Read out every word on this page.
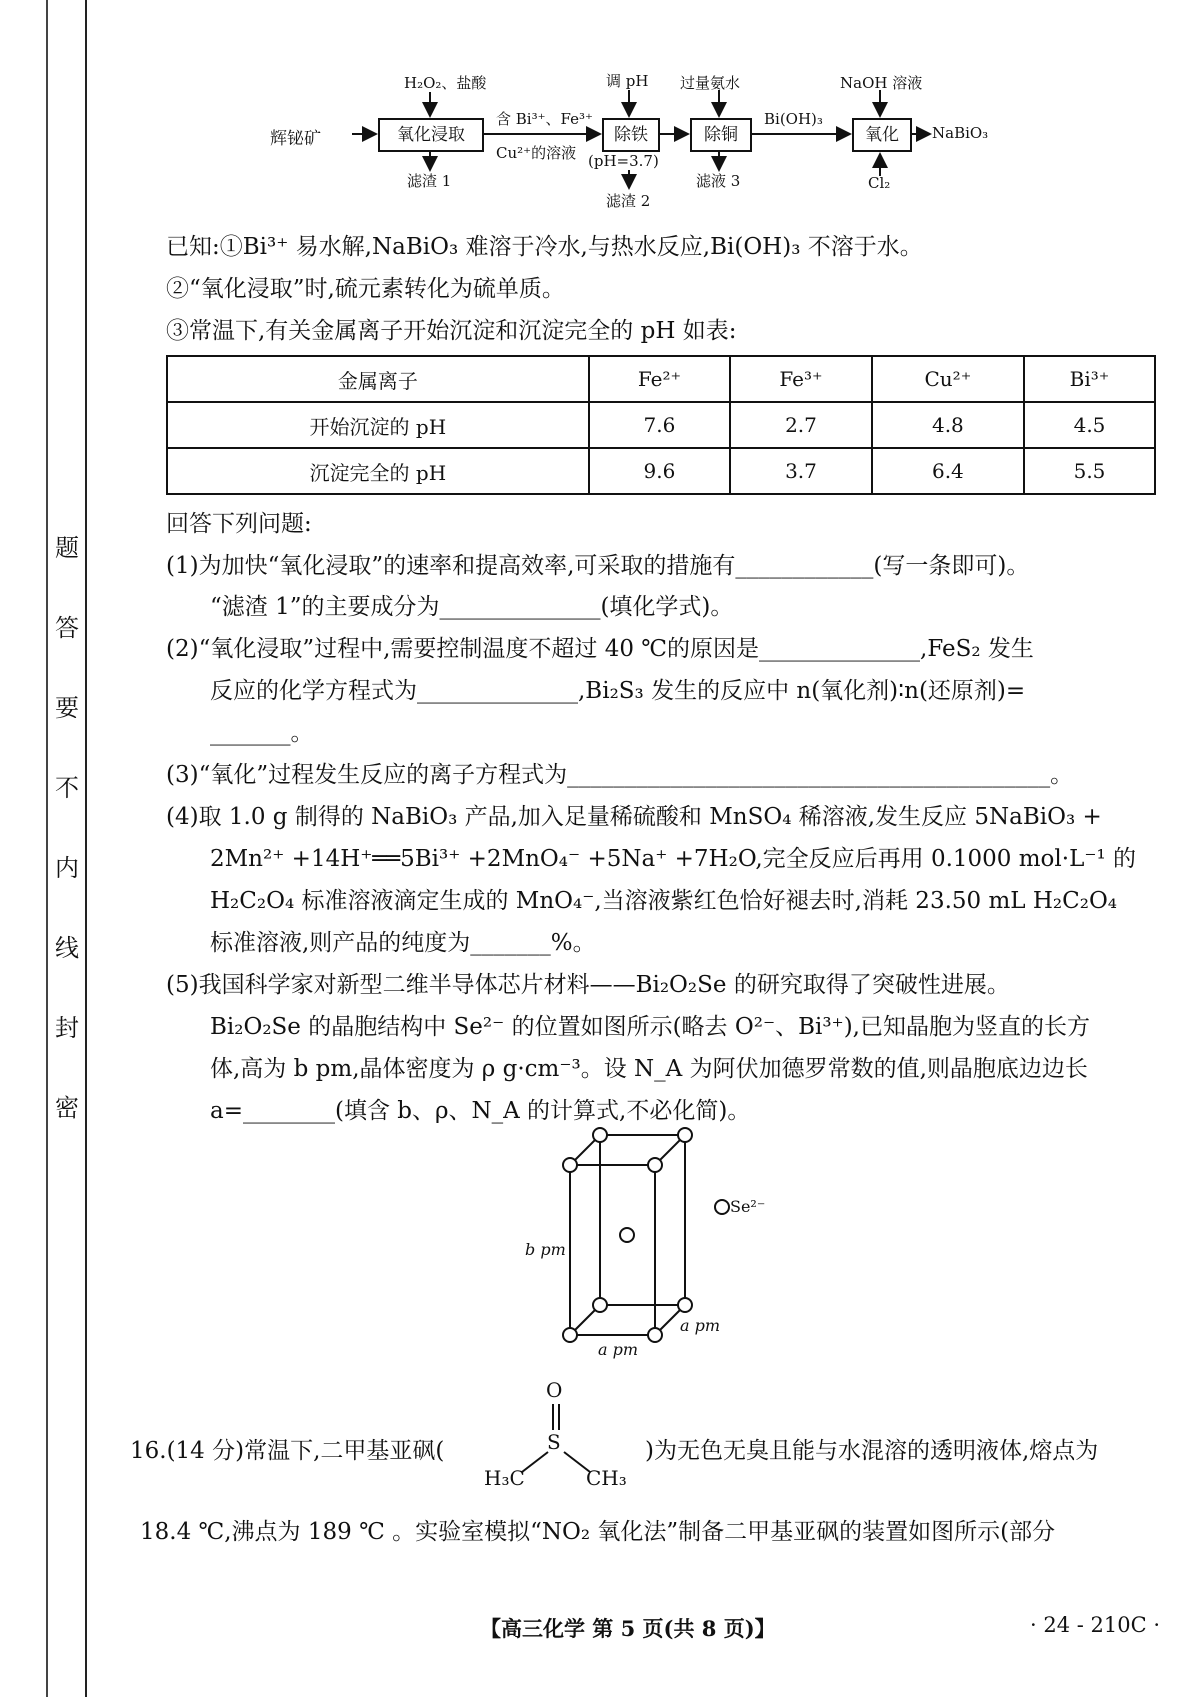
题
答
要
不
内
线
封
密
辉铋矿	氧化浸取
H₂O₂、盐酸
滤渣 1
含 Bi³⁺、Fe³⁺
Cu²⁺的溶液
除铁
调 pH
(pH=3.7)
滤渣 2
除铜
过量氨水
滤液 3
Bi(OH)₃
氧化
NaOH 溶液
Cl₂
NaBiO₃
已知:①Bi³⁺ 易水解,NaBiO₃ 难溶于冷水,与热水反应,Bi(OH)₃ 不溶于水。
②“氧化浸取”时,硫元素转化为硫单质。
③常温下,有关金属离子开始沉淀和沉淀完全的 pH 如表:
金属离子	Fe²⁺	Fe³⁺	Cu²⁺	Bi³⁺
开始沉淀的 pH	7.6	2.7	4.8	4.5
沉淀完全的 pH	9.6	3.7	6.4	5.5
回答下列问题:
(1)为加快“氧化浸取”的速率和提高效率,可采取的措施有____________(写一条即可)。
“滤渣 1”的主要成分为______________(填化学式)。
(2)“氧化浸取”过程中,需要控制温度不超过 40 ℃的原因是______________,FeS₂ 发生
反应的化学方程式为______________,Bi₂S₃ 发生的反应中 n(氧化剂)∶n(还原剂)=
_______。
(3)“氧化”过程发生反应的离子方程式为__________________________________________。
(4)取 1.0 g 制得的 NaBiO₃ 产品,加入足量稀硫酸和 MnSO₄ 稀溶液,发生反应 5NaBiO₃ +
2Mn²⁺ +14H⁺══5Bi³⁺ +2MnO₄⁻ +5Na⁺ +7H₂O,完全反应后再用 0.1000 mol·L⁻¹ 的
H₂C₂O₄ 标准溶液滴定生成的 MnO₄⁻,当溶液紫红色恰好褪去时,消耗 23.50 mL H₂C₂O₄
标准溶液,则产品的纯度为_______%。
(5)我国科学家对新型二维半导体芯片材料——Bi₂O₂Se 的研究取得了突破性进展。
Bi₂O₂Se 的晶胞结构中 Se²⁻ 的位置如图所示(略去 O²⁻、Bi³⁺),已知晶胞为竖直的长方
体,高为 b pm,晶体密度为 ρ g·cm⁻³。设 N_A 为阿伏加德罗常数的值,则晶胞底边边长
a=________(填含 b、ρ、N_A 的计算式,不必化简)。
Se²⁻
b pm
a pm
a pm
16.(14 分)常温下,二甲基亚砜(
O
S
H₃C	CH₃
)为无色无臭且能与水混溶的透明液体,熔点为
18.4 ℃,沸点为 189 ℃ 。实验室模拟“NO₂ 氧化法”制备二甲基亚砜的装置如图所示(部分
【高三化学 第 5 页(共 8 页)】	· 24 - 210C ·
